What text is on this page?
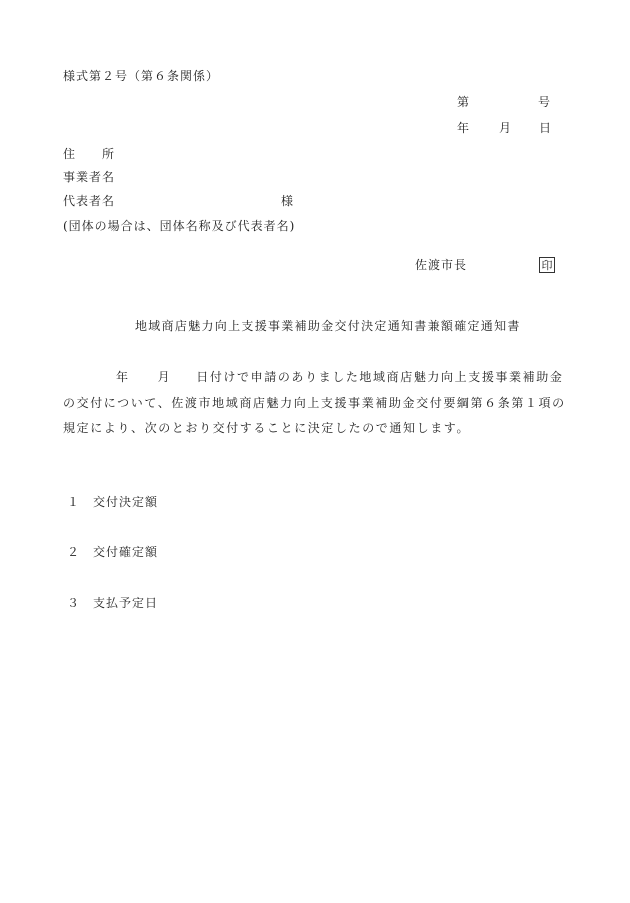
様式第２号（第６条関係）
第	号
年 月 日
住　　所
事業者名
代表者名	様
(団体の場合は、団体名称及び代表者名)
佐渡市長	印
地域商店魅力向上支援事業補助金交付決定通知書兼額確定通知書
年 月 日付けで申請のありました地域商店魅力向上支援事業補助金
の交付について、佐渡市地域商店魅力向上支援事業補助金交付要綱第６条第１項の
規定により、次のとおり交付することに決定したので通知します。
１ 交付決定額
２ 交付確定額
３ 支払予定日
